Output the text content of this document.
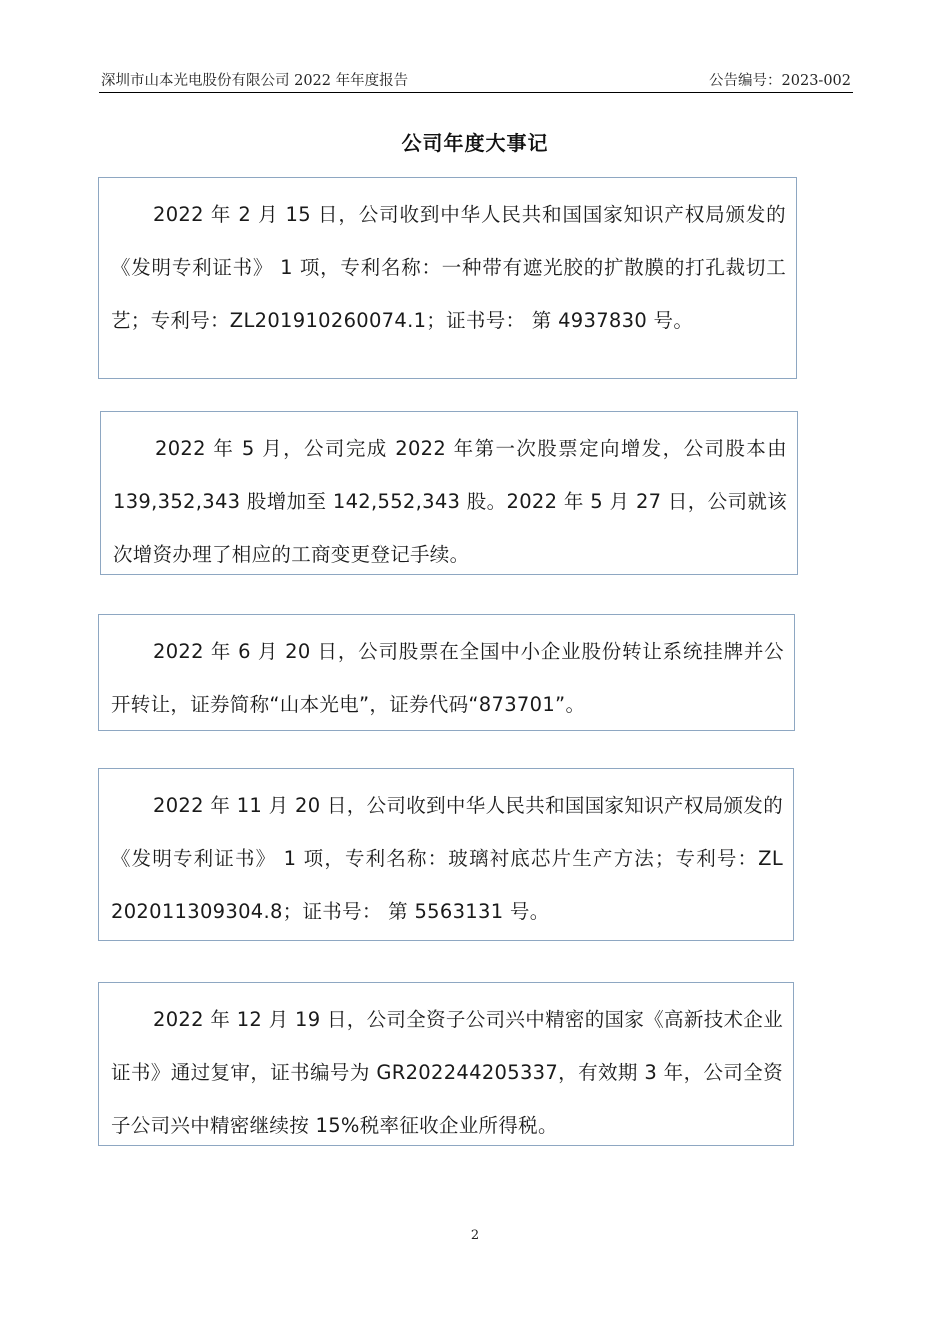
深圳市山本光电股份有限公司 2022 年年度报告	公告编号：2023-002
公司年度大事记

2022 年 2 月 15 日，公司收到中华人民共和国国家知识产权局颁发的《发明专利证书》 1 项，专利名称：一种带有遮光胶的扩散膜的打孔裁切工艺；专利号：ZL201910260074.1；证书号： 第 4937830 号。

2022 年 5 月，公司完成 2022 年第一次股票定向增发，公司股本由 139,352,343 股增加至 142,552,343 股。2022 年 5 月 27 日，公司就该次增资办理了相应的工商变更登记手续。

2022 年 6 月 20 日，公司股票在全国中小企业股份转让系统挂牌并公开转让，证券简称“山本光电”，证券代码“873701”。

2022 年 11 月 20 日，公司收到中华人民共和国国家知识产权局颁发的《发明专利证书》 1 项，专利名称：玻璃衬底芯片生产方法；专利号：ZL 202011309304.8；证书号： 第 5563131 号。

2022 年 12 月 19 日，公司全资子公司兴中精密的国家《高新技术企业证书》通过复审，证书编号为 GR202244205337，有效期 3 年，公司全资子公司兴中精密继续按 15%税率征收企业所得税。

2
